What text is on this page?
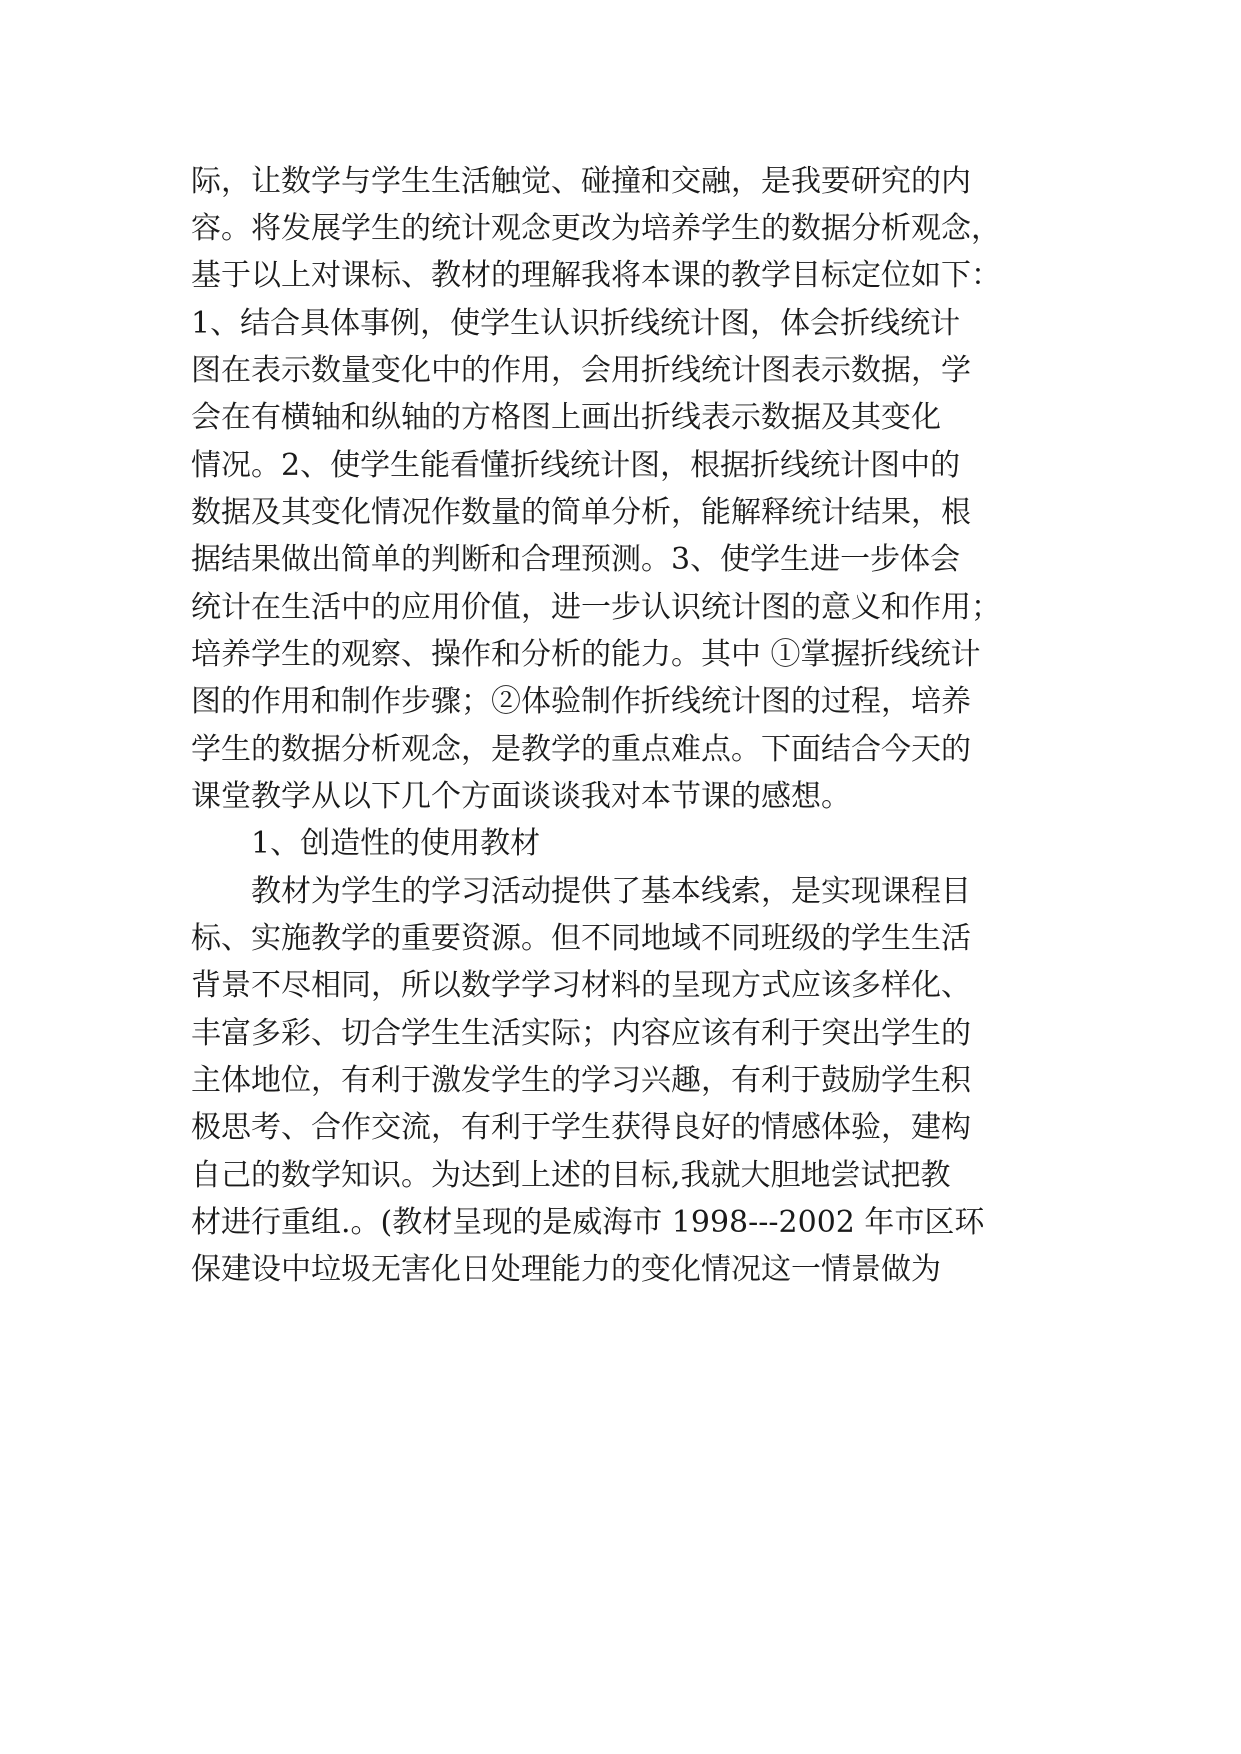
际，让数学与学生生活触觉、碰撞和交融，是我要研究的内
容。将发展学生的统计观念更改为培养学生的数据分析观念，
基于以上对课标、教材的理解我将本课的教学目标定位如下：
1、结合具体事例，使学生认识折线统计图，体会折线统计
图在表示数量变化中的作用，会用折线统计图表示数据，学
会在有横轴和纵轴的方格图上画出折线表示数据及其变化
情况。2、使学生能看懂折线统计图，根据折线统计图中的
数据及其变化情况作数量的简单分析，能解释统计结果，根
据结果做出简单的判断和合理预测。3、使学生进一步体会
统计在生活中的应用价值，进一步认识统计图的意义和作用；
培养学生的观察、操作和分析的能力。其中 ①掌握折线统计
图的作用和制作步骤；②体验制作折线统计图的过程，培养
学生的数据分析观念，是教学的重点难点。下面结合今天的
课堂教学从以下几个方面谈谈我对本节课的感想。
1、创造性的使用教材
教材为学生的学习活动提供了基本线索，是实现课程目
标、实施教学的重要资源。但不同地域不同班级的学生生活
背景不尽相同，所以数学学习材料的呈现方式应该多样化、
丰富多彩、切合学生生活实际；内容应该有利于突出学生的
主体地位，有利于激发学生的学习兴趣，有利于鼓励学生积
极思考、合作交流，有利于学生获得良好的情感体验，建构
自己的数学知识。为达到上述的目标,我就大胆地尝试把教
材进行重组.。(教材呈现的是威海市 1998---2002 年市区环
保建设中垃圾无害化日处理能力的变化情况这一情景做为
